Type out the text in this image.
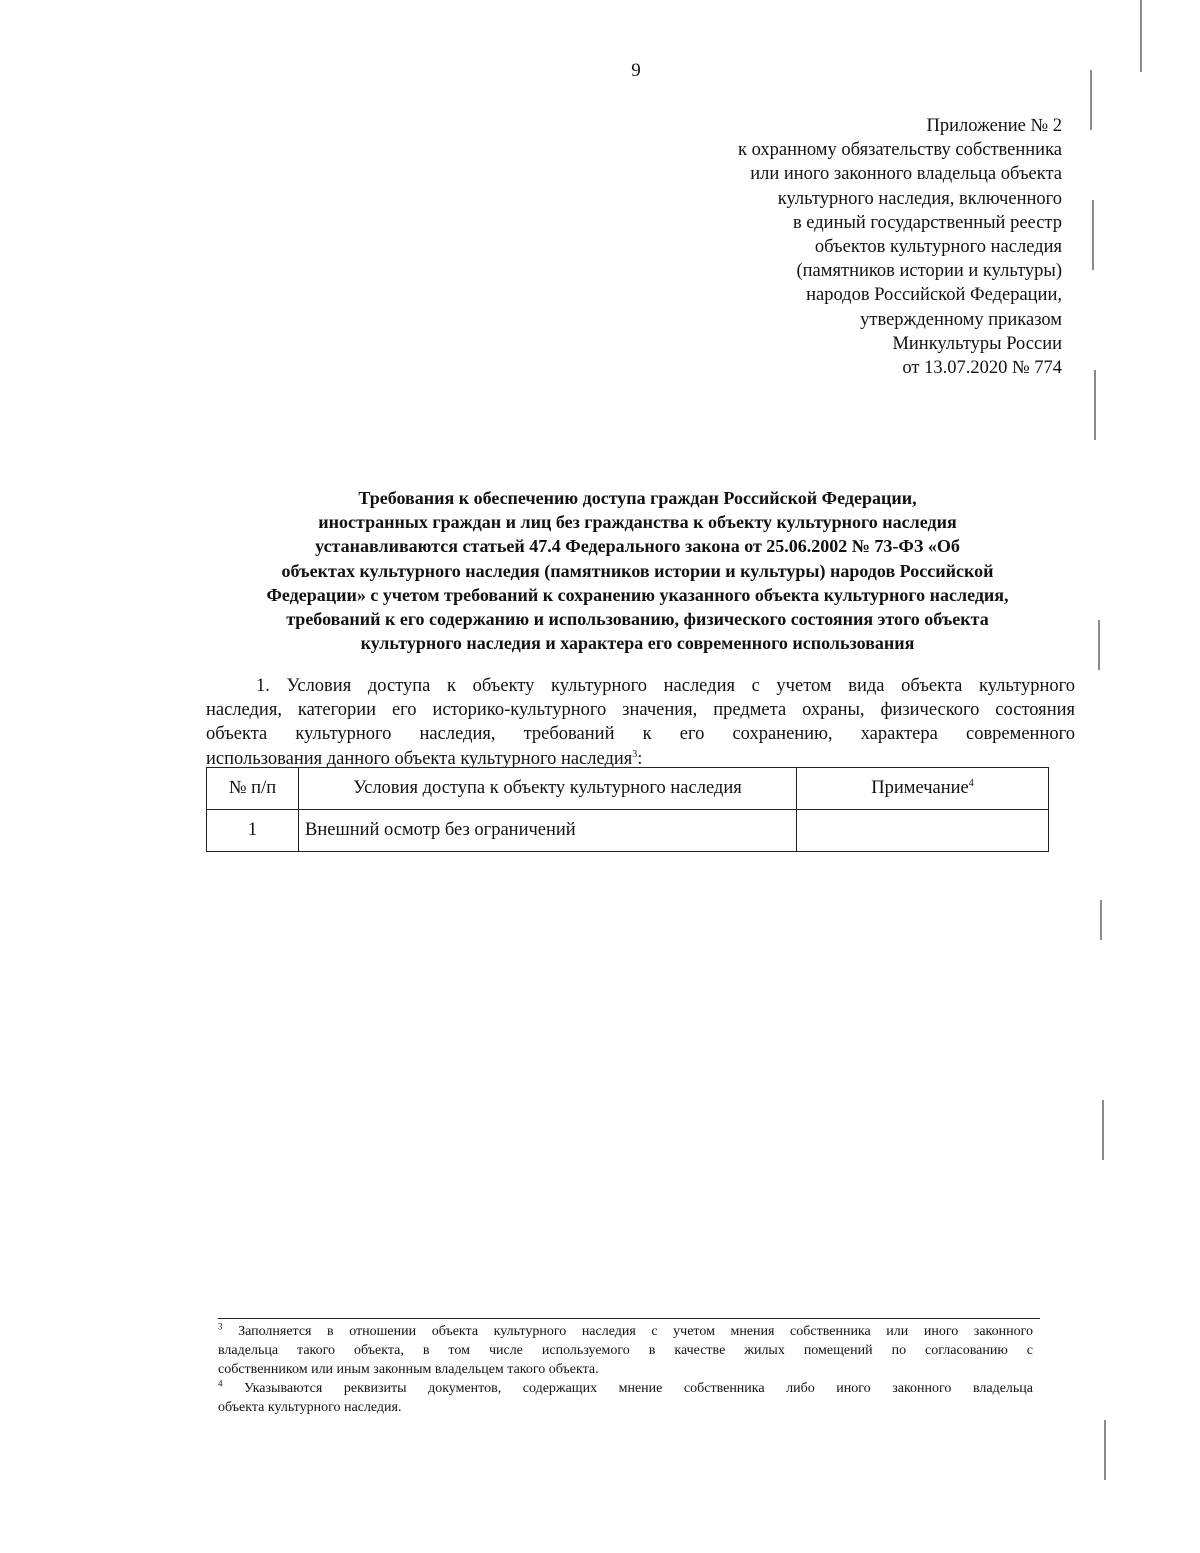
9
Приложение № 2
к охранному обязательству собственника
или иного законного владельца объекта
культурного наследия, включенного
в единый государственный реестр
объектов культурного наследия
(памятников истории и культуры)
народов Российской Федерации,
утвержденному приказом
Минкультуры России
от 13.07.2020 № 774
Требования к обеспечению доступа граждан Российской Федерации,
иностранных граждан и лиц без гражданства к объекту культурного наследия
устанавливаются статьей 47.4 Федерального закона от 25.06.2002 № 73-ФЗ «Об
объектах культурного наследия (памятников истории и культуры) народов Российской
Федерации» с учетом требований к сохранению указанного объекта культурного наследия,
требований к его содержанию и использованию, физического состояния этого объекта
культурного наследия и характера его современного использования
1. Условия доступа к объекту культурного наследия с учетом вида объекта культурного
наследия, категории его историко-культурного значения, предмета охраны, физического состояния
объекта культурного наследия, требований к его сохранению, характера современного
использования данного объекта культурного наследия$^3$:
№ п/п	Условия доступа к объекту культурного наследия	Примечание$^4$
1	Внешний осмотр без ограничений	
$^3$ Заполняется в отношении объекта культурного наследия с учетом мнения собственника или иного законного
владельца такого объекта, в том числе используемого в качестве жилых помещений по согласованию с
собственником или иным законным владельцем такого объекта.
$^4$ Указываются реквизиты документов, содержащих мнение собственника либо иного законного владельца
объекта культурного наследия.
